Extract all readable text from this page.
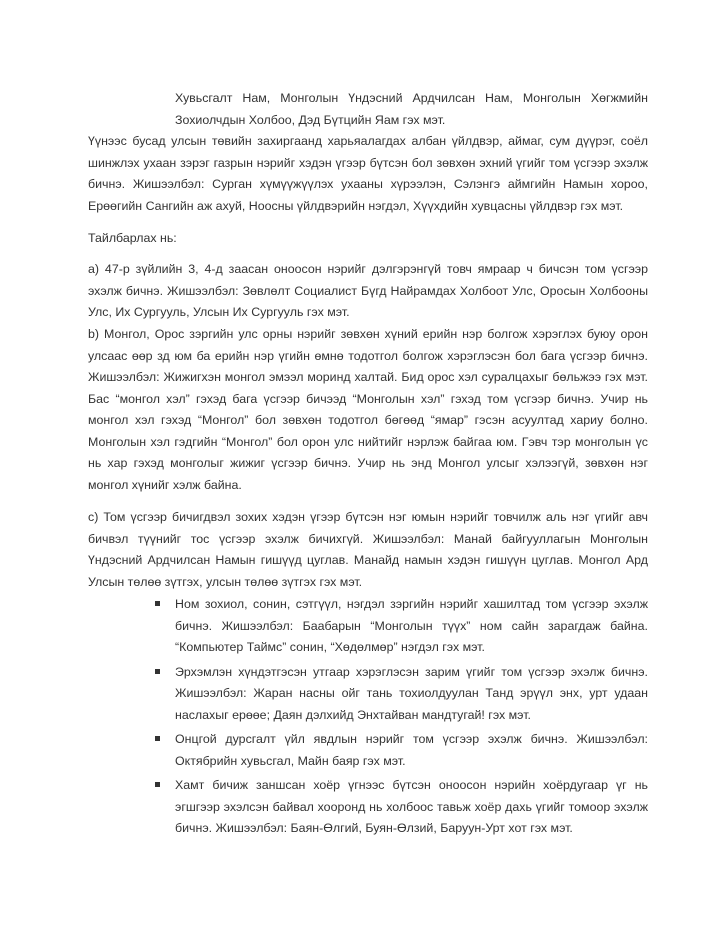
Хувьсгалт Нам, Монголын Үндэсний Ардчилсан Нам, Монголын Хөгжмийн Зохиолчдын Холбоо, Дэд Бүтцийн Яам гэх мэт.

Үүнээс бусад улсын төвийн захиргаанд харьяалагдах албан үйлдвэр, аймаг, сум дүүрэг, соёл шинжлэх ухаан зэрэг газрын нэрийг хэдэн үгээр бүтсэн бол зөвхөн эхний үгийг том үсгээр эхэлж бичнэ. Жишээлбэл: Сурган хүмүүжүүлэх ухааны хүрээлэн, Сэлэнгэ аймгийн Намын хороо, Ерөөгийн Сангийн аж ахуй, Ноосны үйлдвэрийн нэгдэл, Хүүхдийн хувцасны үйлдвэр гэх мэт.

Тайлбарлах нь:

a) 47-р зүйлийн 3, 4-д заасан оноосон нэрийг дэлгэрэнгүй товч ямраар ч бичсэн том үсгээр эхэлж бичнэ. Жишээлбэл: Зөвлөлт Социалист Бүгд Найрамдах Холбоот Улс, Оросын Холбооны Улс, Их Сургууль, Улсын Их Сургууль гэх мэт.

b) Монгол, Орос зэргийн улс орны нэрийг зөвхөн хүний ерийн нэр болгож хэрэглэх буюу орон улсаас өөр зд юм ба ерийн нэр үгийн өмнө тодотгол болгож хэрэглэсэн бол бага үсгээр бичнэ. Жишээлбэл: Жижигхэн монгол эмээл моринд халтай. Бид орос хэл суралцахыг бөльжээ гэх мэт. Бас “монгол хэл” гэхэд бага үсгээр бичээд “Монголын хэл” гэхэд том үсгээр бичнэ. Учир нь монгол хэл гэхэд “Монгол” бол зөвхөн тодотгол бөгөөд “ямар” гэсэн асуултад хариу болно. Монголын хэл гэдгийн “Монгол” бол орон улс нийтийг нэрлэж байгаа юм. Гэвч тэр монголын үс нь хар гэхэд монголыг жижиг үсгээр бичнэ. Учир нь энд Монгол улсыг хэлээгүй, зөвхөн нэг монгол хүнийг хэлж байна.

c) Том үсгээр бичигдвэл зохих хэдэн үгээр бүтсэн нэг юмын нэрийг товчилж аль нэг үгийг авч бичвэл түүнийг тос үсгээр эхэлж бичихгүй. Жишээлбэл: Манай байгууллагын Монголын Үндэсний Ардчилсан Намын гишүүд цуглав. Манайд намын хэдэн гишүүн цуглав. Монгол Ард Улсын төлөө зүтгэх, улсын төлөө зүтгэх гэх мэт.

Ном зохиол, сонин, сэтгүүл, нэгдэл зэргийн нэрийг хашилтад том үсгээр эхэлж бичнэ. Жишээлбэл: Баабарын “Монголын түүх” ном сайн зарагдаж байна. “Компьютер Таймс” сонин, “Хөдөлмөр” нэгдэл гэх мэт.
Эрхэмлэн хүндэтгэсэн утгаар хэрэглэсэн зарим үгийг том үсгээр эхэлж бичнэ. Жишээлбэл: Жаран насны ойг тань тохиолдуулан Танд эрүүл энх, урт удаан наслахыг ерөөе; Даян дэлхийд Энхтайван мандтугай! гэх мэт.
Онцгой дурсгалт үйл явдлын нэрийг том үсгээр эхэлж бичнэ. Жишээлбэл: Октябрийн хувьсгал, Майн баяр гэх мэт.
Хамт бичиж заншсан хоёр үгнээс бүтсэн оноосон нэрийн хоёрдугаар үг нь эгшгээр эхэлсэн байвал хооронд нь холбоос тавьж хоёр дахь үгийг томоор эхэлж бичнэ. Жишээлбэл: Баян-Өлгий, Буян-Өлзий, Баруун-Урт хот гэх мэт.
